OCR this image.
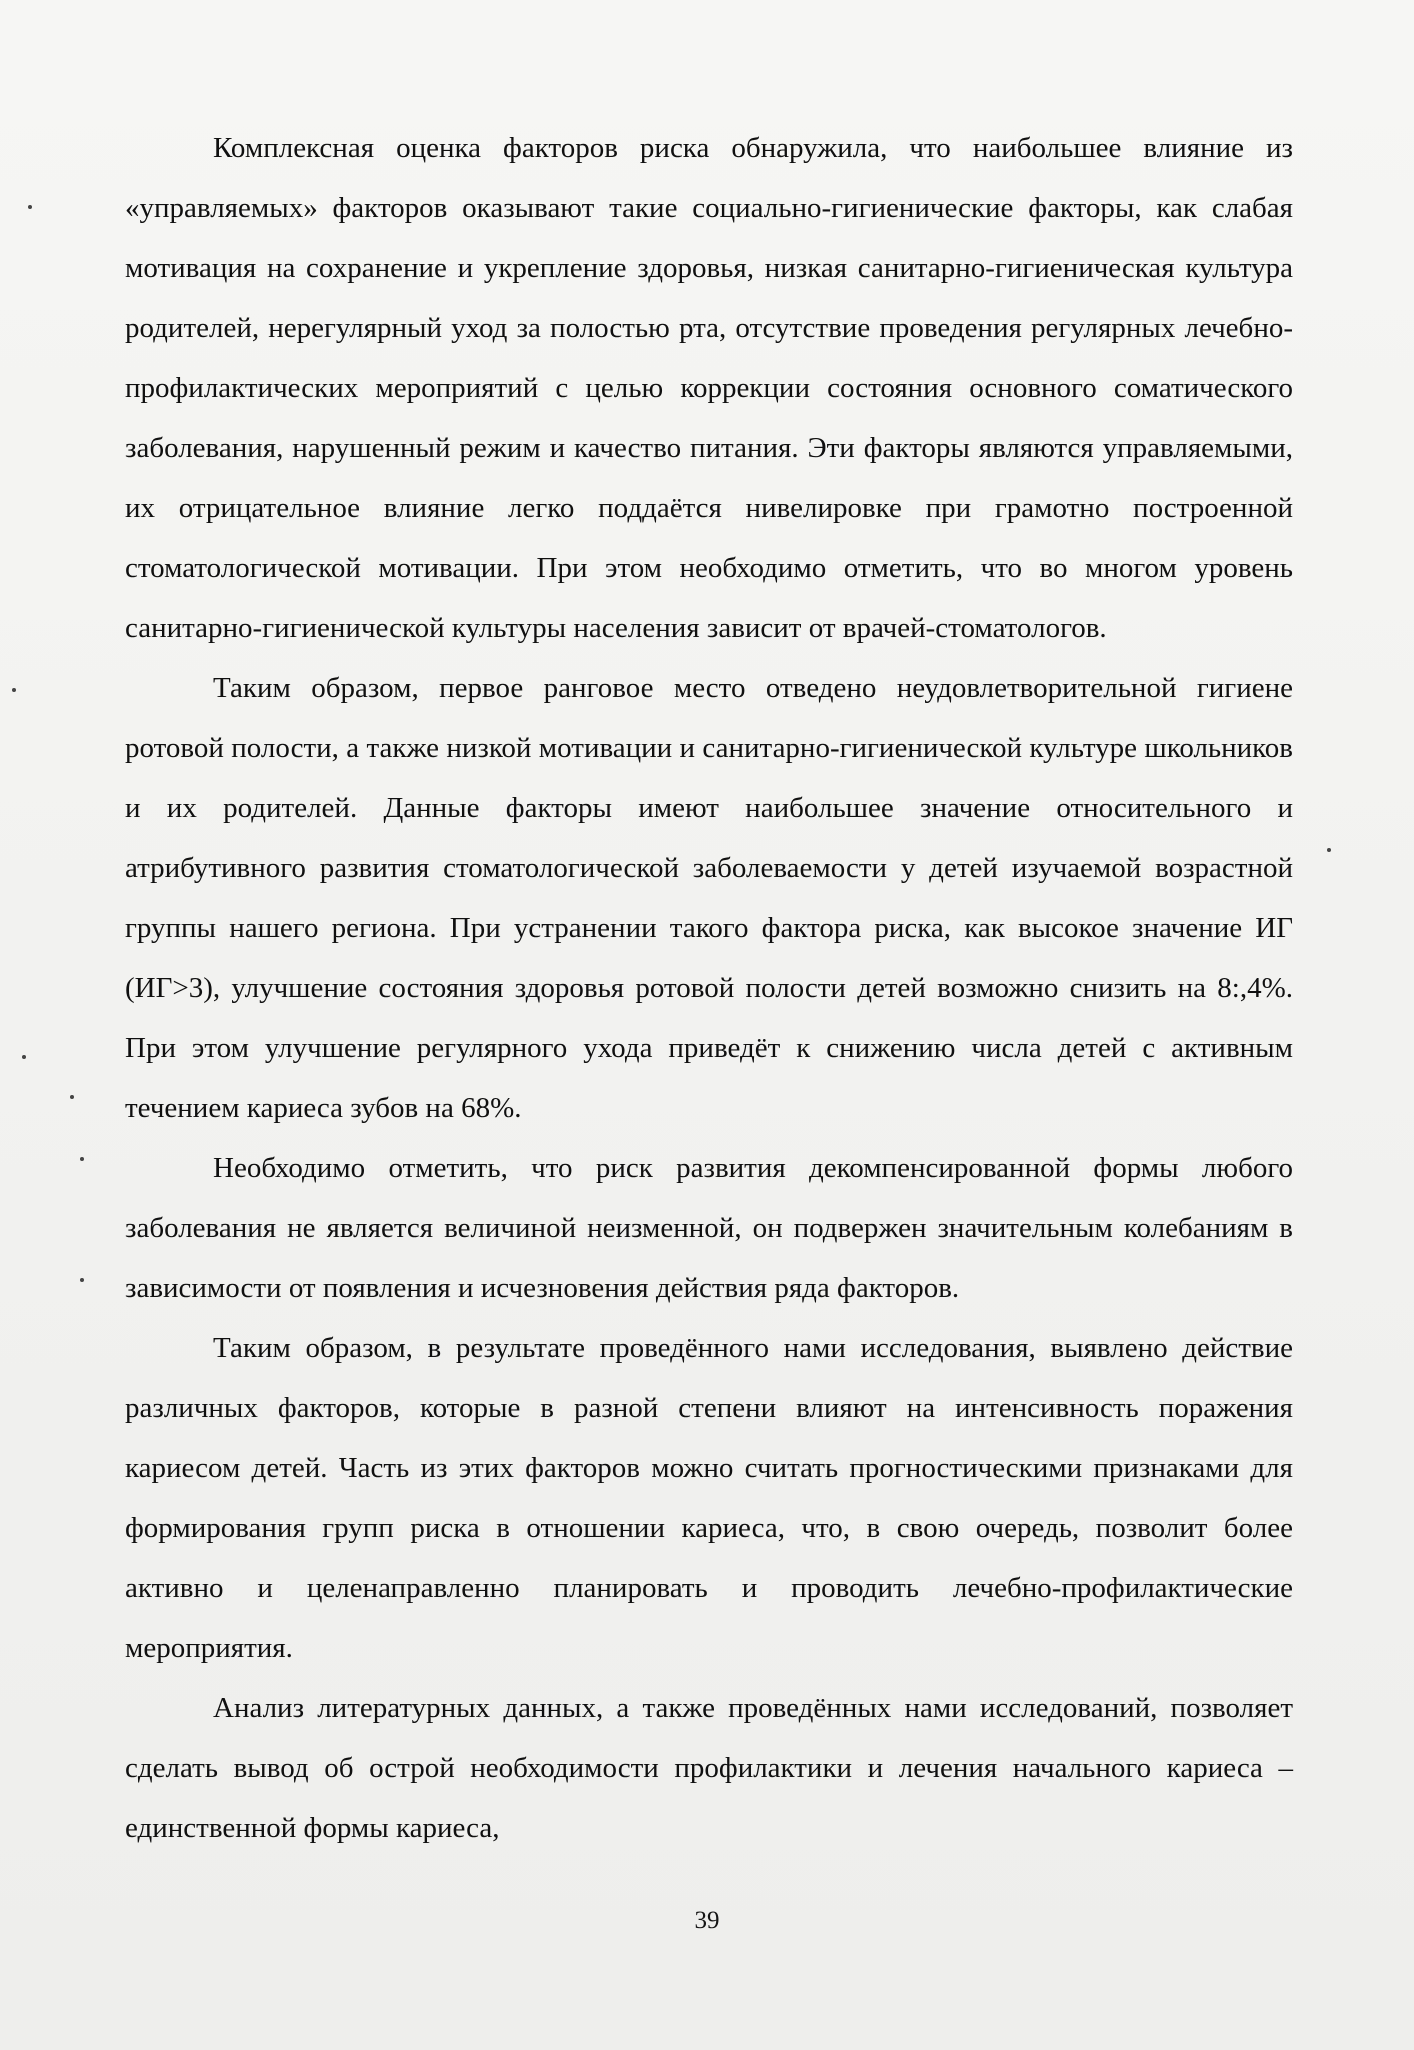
Комплексная оценка факторов риска обнаружила, что наибольшее влияние из «управляемых» факторов оказывают такие социально-гигиенические факторы, как слабая мотивация на сохранение и укрепление здоровья, низкая санитарно-гигиеническая культура родителей, нерегулярный уход за полостью рта, отсутствие проведения регулярных лечебно-профилактических мероприятий с целью коррекции состояния основного соматического заболевания, нарушенный режим и качество питания. Эти факторы являются управляемыми, их отрицательное влияние легко поддаётся нивелировке при грамотно построенной стоматологической мотивации. При этом необходимо отметить, что во многом уровень санитарно-гигиенической культуры населения зависит от врачей-стоматологов.

Таким образом, первое ранговое место отведено неудовлетворительной гигиене ротовой полости, а также низкой мотивации и санитарно-гигиенической культуре школьников и их родителей. Данные факторы имеют наибольшее значение относительного и атрибутивного развития стоматологической заболеваемости у детей изучаемой возрастной группы нашего региона. При устранении такого фактора риска, как высокое значение ИГ (ИГ>3), улучшение состояния здоровья ротовой полости детей возможно снизить на 8:,4%. При этом улучшение регулярного ухода приведёт к снижению числа детей с активным течением кариеса зубов на 68%.

Необходимо отметить, что риск развития декомпенсированной формы любого заболевания не является величиной неизменной, он подвержен значительным колебаниям в зависимости от появления и исчезновения действия ряда факторов.

Таким образом, в результате проведённого нами исследования, выявлено действие различных факторов, которые в разной степени влияют на интенсивность поражения кариесом детей. Часть из этих факторов можно считать прогностическими признаками для формирования групп риска в отношении кариеса, что, в свою очередь, позволит более активно и целенаправленно планировать и проводить лечебно-профилактические мероприятия.

Анализ литературных данных, а также проведённых нами исследований, позволяет сделать вывод об острой необходимости профилактики и лечения начального кариеса – единственной формы кариеса,

39
